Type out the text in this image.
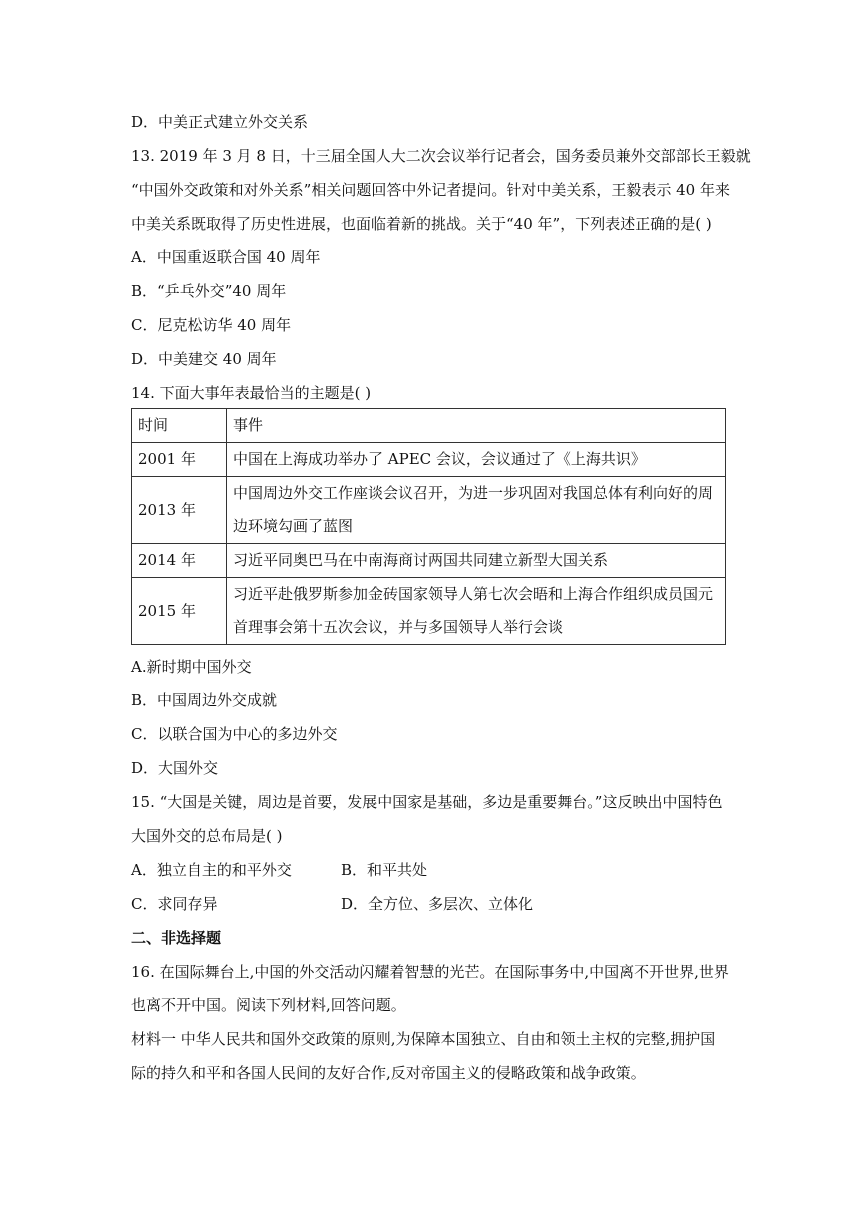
D．中美正式建立外交关系
13. 2019 年 3 月 8 日，十三届全国人大二次会议举行记者会，国务委员兼外交部部长王毅就
“中国外交政策和对外关系”相关问题回答中外记者提问。针对中美关系，王毅表示 40 年来
中美关系既取得了历史性进展，也面临着新的挑战。关于“40 年”，下列表述正确的是( )
A．中国重返联合国 40 周年
B．“乒乓外交”40 周年
C．尼克松访华 40 周年
D．中美建交 40 周年
14. 下面大事年表最恰当的主题是( )
时间	事件
2001 年	中国在上海成功举办了 APEC 会议，会议通过了《上海共识》
2013 年	中国周边外交工作座谈会议召开，为进一步巩固对我国总体有利向好的周边环境勾画了蓝图
2014 年	习近平同奥巴马在中南海商讨两国共同建立新型大国关系
2015 年	习近平赴俄罗斯参加金砖国家领导人第七次会晤和上海合作组织成员国元首理事会第十五次会议，并与多国领导人举行会谈
A.新时期中国外交
B．中国周边外交成就
C．以联合国为中心的多边外交
D．大国外交
15. “大国是关键，周边是首要，发展中国家是基础，多边是重要舞台。”这反映出中国特色
大国外交的总布局是( )
A．独立自主的和平外交	B．和平共处
C．求同存异	D．全方位、多层次、立体化
二、非选择题
16. 在国际舞台上,中国的外交活动闪耀着智慧的光芒。在国际事务中,中国离不开世界,世界
也离不开中国。阅读下列材料,回答问题。
材料一 中华人民共和国外交政策的原则,为保障本国独立、自由和领土主权的完整,拥护国
际的持久和平和各国人民间的友好合作,反对帝国主义的侵略政策和战争政策。
